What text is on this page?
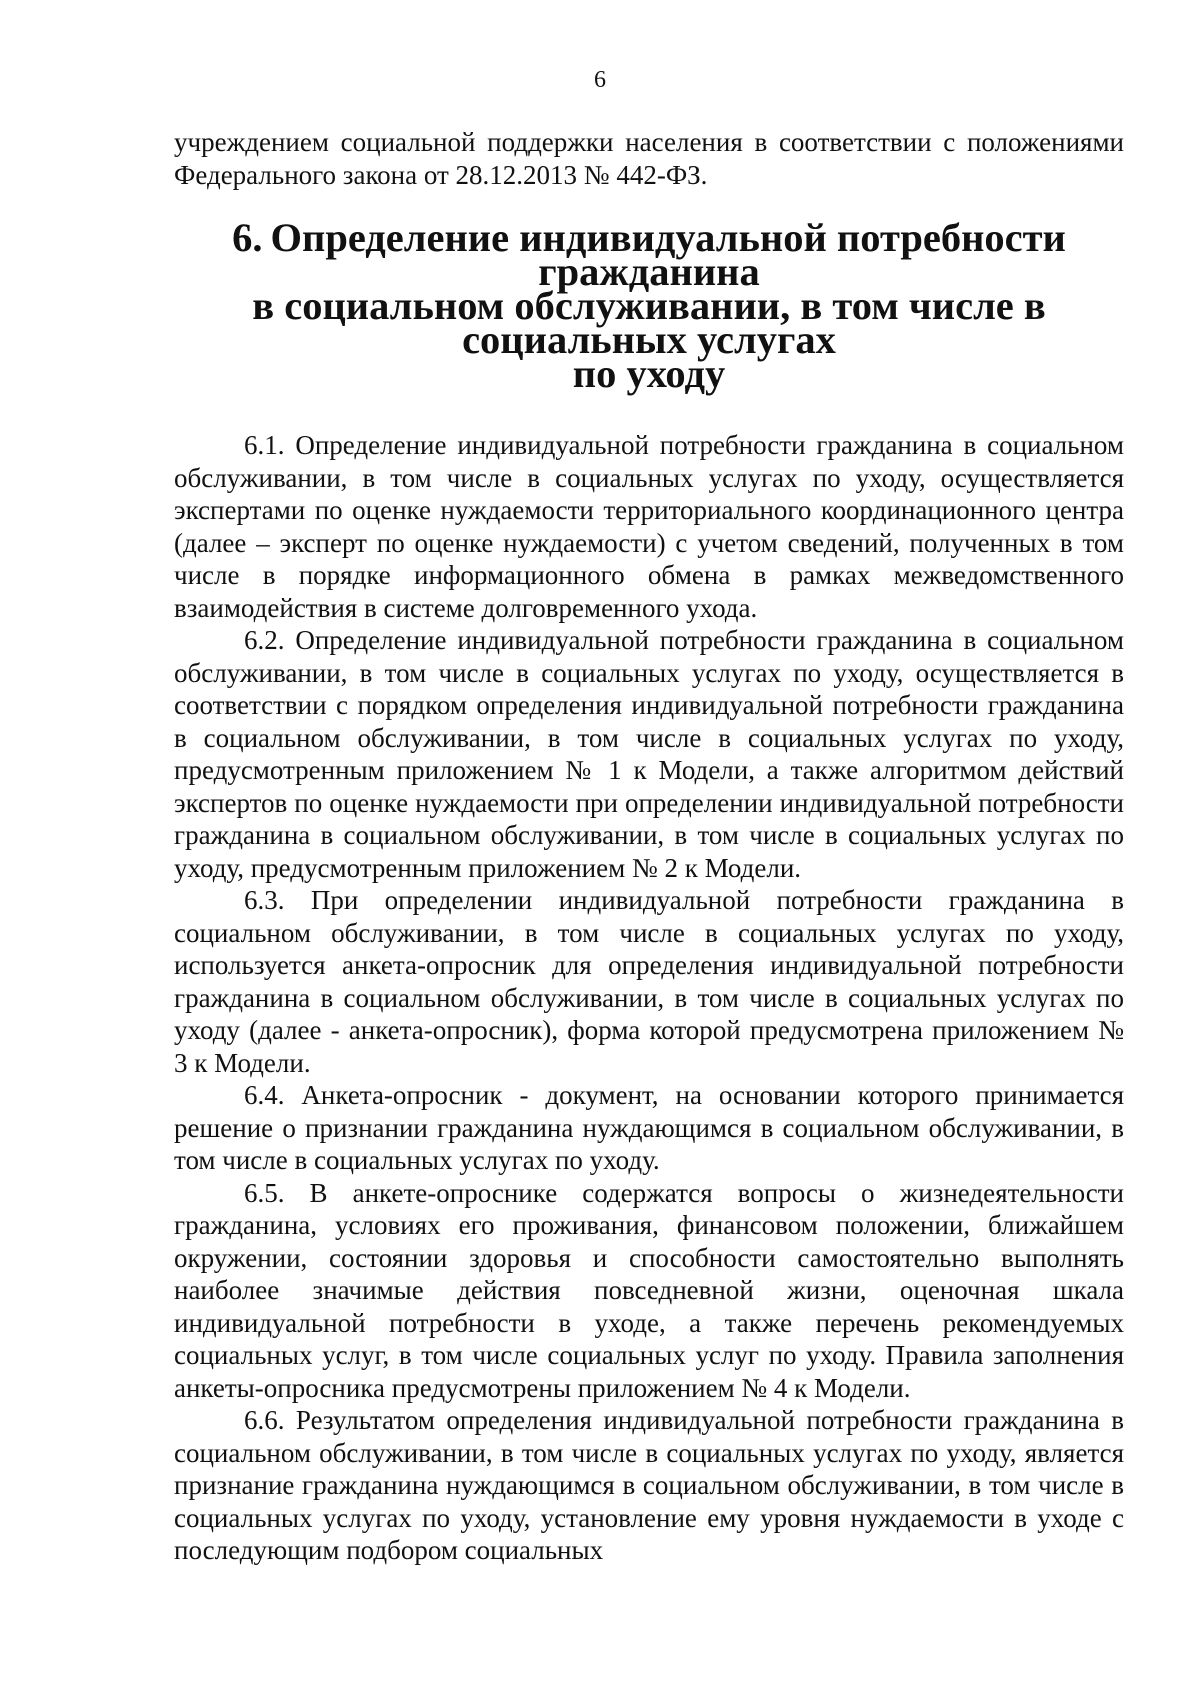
6

учреждением социальной поддержки населения в соответствии с положениями Федерального закона от 28.12.2013 № 442-ФЗ.

6. Определение индивидуальной потребности гражданина
в социальном обслуживании, в том числе в социальных услугах
по уходу

6.1. Определение индивидуальной потребности гражданина в социальном обслуживании, в том числе в социальных услугах по уходу, осуществляется экспертами по оценке нуждаемости территориального координационного центра (далее – эксперт по оценке нуждаемости) с учетом сведений, полученных в том числе в порядке информационного обмена в рамках межведомственного взаимодействия в системе долговременного ухода.

6.2. Определение индивидуальной потребности гражданина в социальном обслуживании, в том числе в социальных услугах по уходу, осуществляется в соответствии с порядком определения индивидуальной потребности гражданина в социальном обслуживании, в том числе в социальных услугах по уходу, предусмотренным приложением № 1 к Модели, а также алгоритмом действий экспертов по оценке нуждаемости при определении индивидуальной потребности гражданина в социальном обслуживании, в том числе в социальных услугах по уходу, предусмотренным приложением № 2 к Модели.

6.3. При определении индивидуальной потребности гражданина в социальном обслуживании, в том числе в социальных услугах по уходу, используется анкета-опросник для определения индивидуальной потребности гражданина в социальном обслуживании, в том числе в социальных услугах по уходу (далее - анкета-опросник), форма которой предусмотрена приложением № 3 к Модели.

6.4. Анкета-опросник - документ, на основании которого принимается решение о признании гражданина нуждающимся в социальном обслуживании, в том числе в социальных услугах по уходу.

6.5. В анкете-опроснике содержатся вопросы о жизнедеятельности гражданина, условиях его проживания, финансовом положении, ближайшем окружении, состоянии здоровья и способности самостоятельно выполнять наиболее значимые действия повседневной жизни, оценочная шкала индивидуальной потребности в уходе, а также перечень рекомендуемых социальных услуг, в том числе социальных услуг по уходу. Правила заполнения анкеты-опросника предусмотрены приложением № 4 к Модели.

6.6. Результатом определения индивидуальной потребности гражданина в социальном обслуживании, в том числе в социальных услугах по уходу, является признание гражданина нуждающимся в социальном обслуживании, в том числе в социальных услугах по уходу, установление ему уровня нуждаемости в уходе с последующим подбором социальных
